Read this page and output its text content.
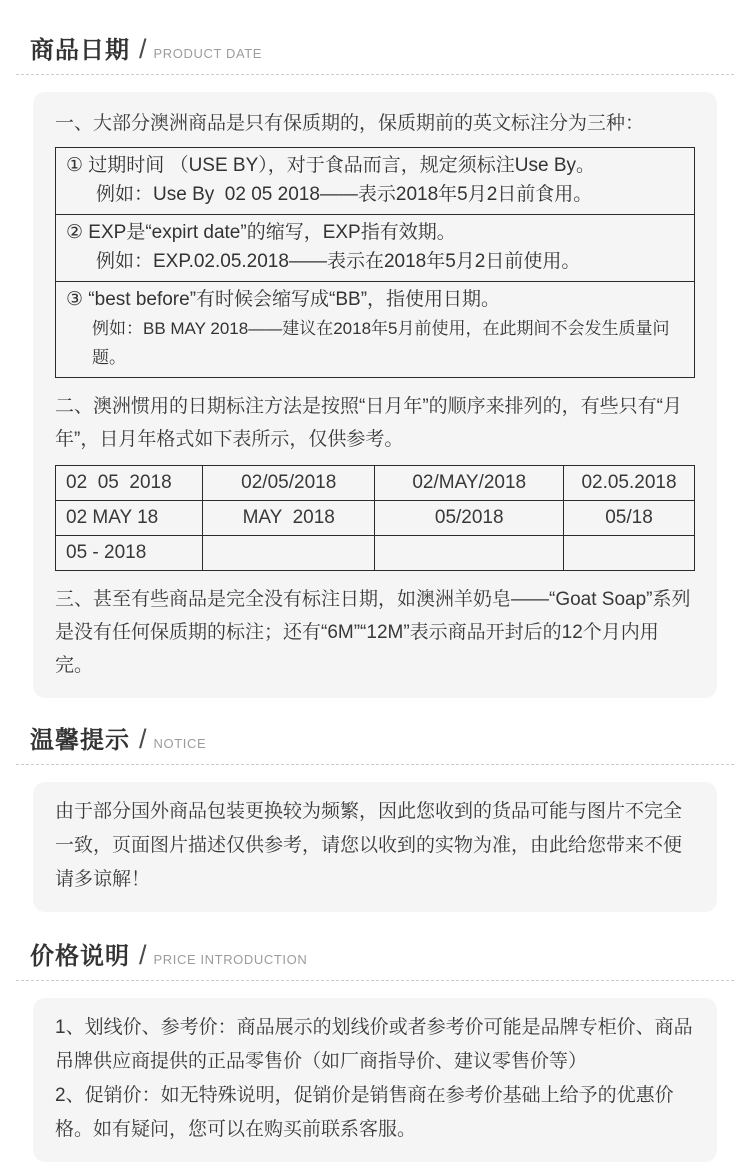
商品日期 / PRODUCT DATE

一、大部分澳洲商品是只有保质期的，保质期前的英文标注分为三种：

① 过期时间 （USE BY），对于食品而言，规定须标注Use By。
例如：Use By  02 05 2018——表示2018年5月2日前食用。
② EXP是“expirt date”的缩写，EXP指有效期。
例如：EXP.02.05.2018——表示在2018年5月2日前使用。
③ “best before”有时候会缩写成“BB”，指使用日期。
例如：BB MAY 2018——建议在2018年5月前使用，在此期间不会发生质量问题。

二、澳洲惯用的日期标注方法是按照“日月年”的顺序来排列的，有些只有“月年”，日月年格式如下表所示，仅供参考。

02  05  2018	02/05/2018	02/MAY/2018	02.05.2018
02 MAY 18	MAY  2018	05/2018	05/18
05 - 2018			

三、甚至有些商品是完全没有标注日期，如澳洲羊奶皂——“Goat Soap”系列是没有任何保质期的标注；还有“6M”“12M”表示商品开封后的12个月内用完。

温馨提示 / NOTICE
由于部分国外商品包装更换较为频繁，因此您收到的货品可能与图片不完全一致，页面图片描述仅供参考，请您以收到的实物为准，由此给您带来不便请多谅解！
价格说明 / PRICE INTRODUCTION
1、划线价、参考价：商品展示的划线价或者参考价可能是品牌专柜价、商品吊牌供应商提供的正品零售价（如厂商指导价、建议零售价等）
2、促销价：如无特殊说明，促销价是销售商在参考价基础上给予的优惠价格。如有疑问，您可以在购买前联系客服。
